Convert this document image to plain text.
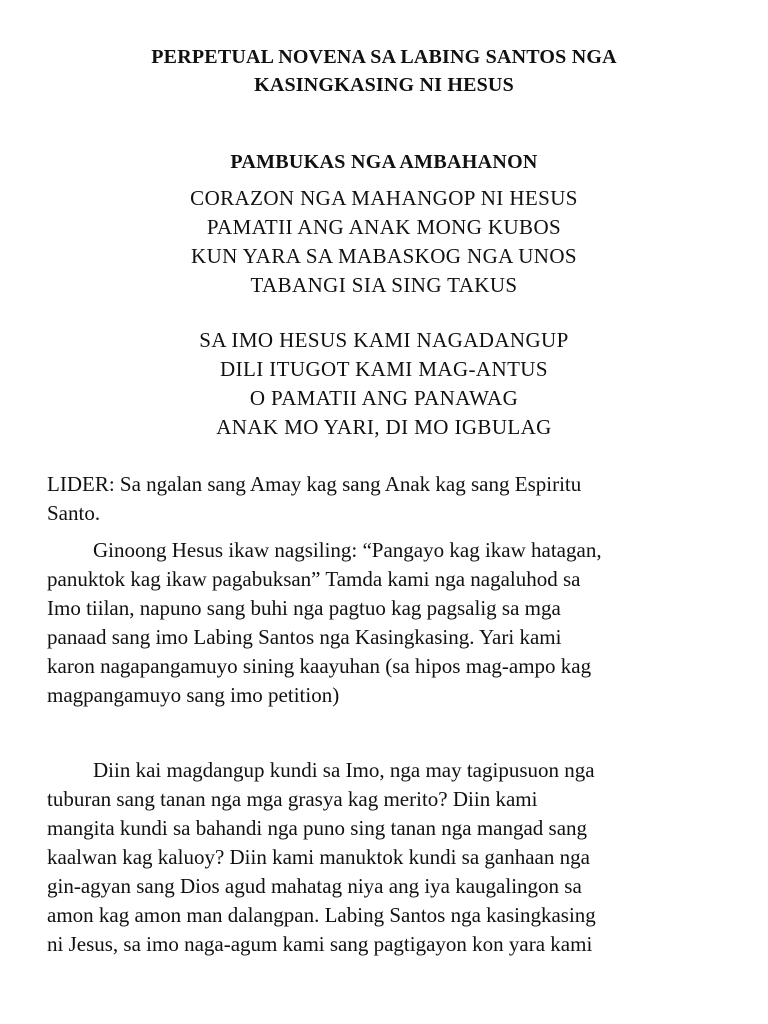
PERPETUAL NOVENA SA LABING SANTOS NGA
KASINGKASING NI HESUS
PAMBUKAS NGA AMBAHANON
CORAZON NGA MAHANGOP NI HESUS
PAMATII ANG ANAK MONG KUBOS
KUN YARA SA MABASKOG NGA UNOS
TABANGI SIA SING TAKUS
SA IMO HESUS KAMI NAGADANGUP
DILI ITUGOT KAMI MAG-ANTUS
O PAMATII ANG PANAWAG
ANAK MO YARI, DI MO IGBULAG
LIDER: Sa ngalan sang Amay kag sang Anak kag sang Espiritu
Santo.
Ginoong Hesus ikaw nagsiling: “Pangayo kag ikaw hatagan,
panuktok kag ikaw pagabuksan” Tamda kami nga nagaluhod sa
Imo tiilan, napuno sang buhi nga pagtuo kag pagsalig sa mga
panaad sang imo Labing Santos nga Kasingkasing. Yari kami
karon nagapangamuyo sining kaayuhan (sa hipos mag-ampo kag
magpangamuyo sang imo petition)
Diin kai magdangup kundi sa Imo, nga may tagipusuon nga
tuburan sang tanan nga mga grasya kag merito? Diin kami
mangita kundi sa bahandi nga puno sing tanan nga mangad sang
kaalwan kag kaluoy? Diin kami manuktok kundi sa ganhaan nga
gin-agyan sang Dios agud mahatag niya ang iya kaugalingon sa
amon kag amon man dalangpan. Labing Santos nga kasingkasing
ni Jesus, sa imo naga-agum kami sang pagtigayon kon yara kami
